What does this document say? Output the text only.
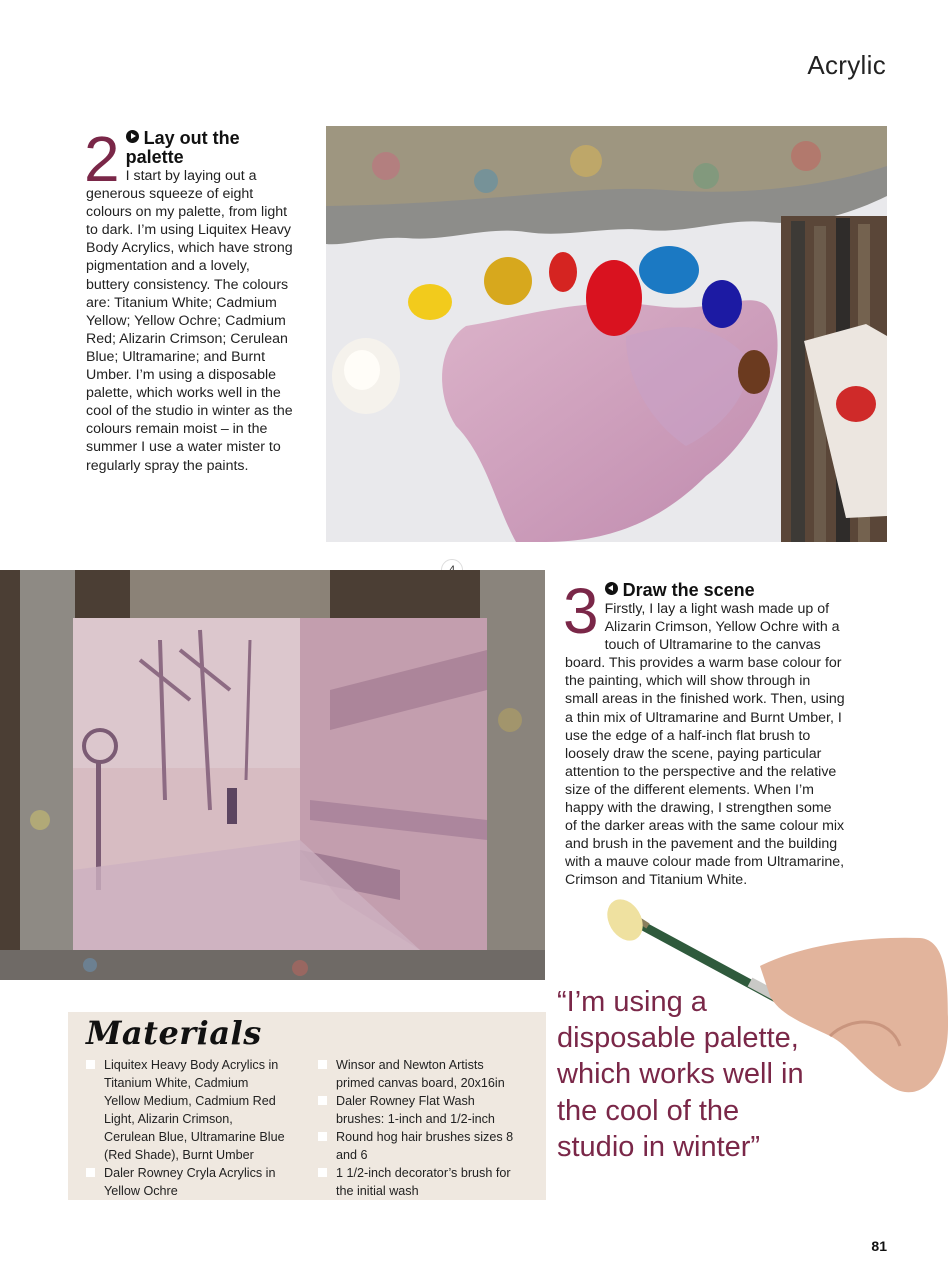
Acrylic
2	Lay out the palette
I start by laying out a generous squeeze of eight colours on my palette, from light to dark. I’m using Liquitex Heavy Body Acrylics, which have strong pigmentation and a lovely, buttery consistency. The colours are: Titanium White; Cadmium Yellow; Yellow Ochre; Cadmium Red; Alizarin Crimson; Cerulean Blue; Ultramarine; and Burnt Umber. I’m using a disposable palette, which works well in the cool of the studio in winter as the colours remain moist – in the summer I use a water mister to regularly spray the paints.
3	Draw the scene
Firstly, I lay a light wash made up of Alizarin Crimson, Yellow Ochre with a touch of Ultramarine to the canvas board. This provides a warm base colour for the painting, which will show through in small areas in the finished work. Then, using a thin mix of Ultramarine and Burnt Umber, I use the edge of a half-inch flat brush to loosely draw the scene, paying particular attention to the perspective and the relative size of the different elements. When I’m happy with the drawing, I strengthen some of the darker areas with the same colour mix and brush in the pavement and the building with a mauve colour made from Ultramarine, Crimson and Titanium White.
Materials
Liquitex Heavy Body Acrylics in Titanium White, Cadmium Yellow Medium, Cadmium Red Light, Alizarin Crimson, Cerulean Blue, Ultramarine Blue (Red Shade), Burnt Umber
Daler Rowney Cryla Acrylics in Yellow Ochre
Winsor and Newton Artists primed canvas board, 20x16in
Daler Rowney Flat Wash brushes: 1-inch and 1/2-inch
Round hog hair brushes sizes 8 and 6
1 1/2-inch decorator’s brush for the initial wash
“I’m using a disposable palette, which works well in the cool of the studio in winter”
81
